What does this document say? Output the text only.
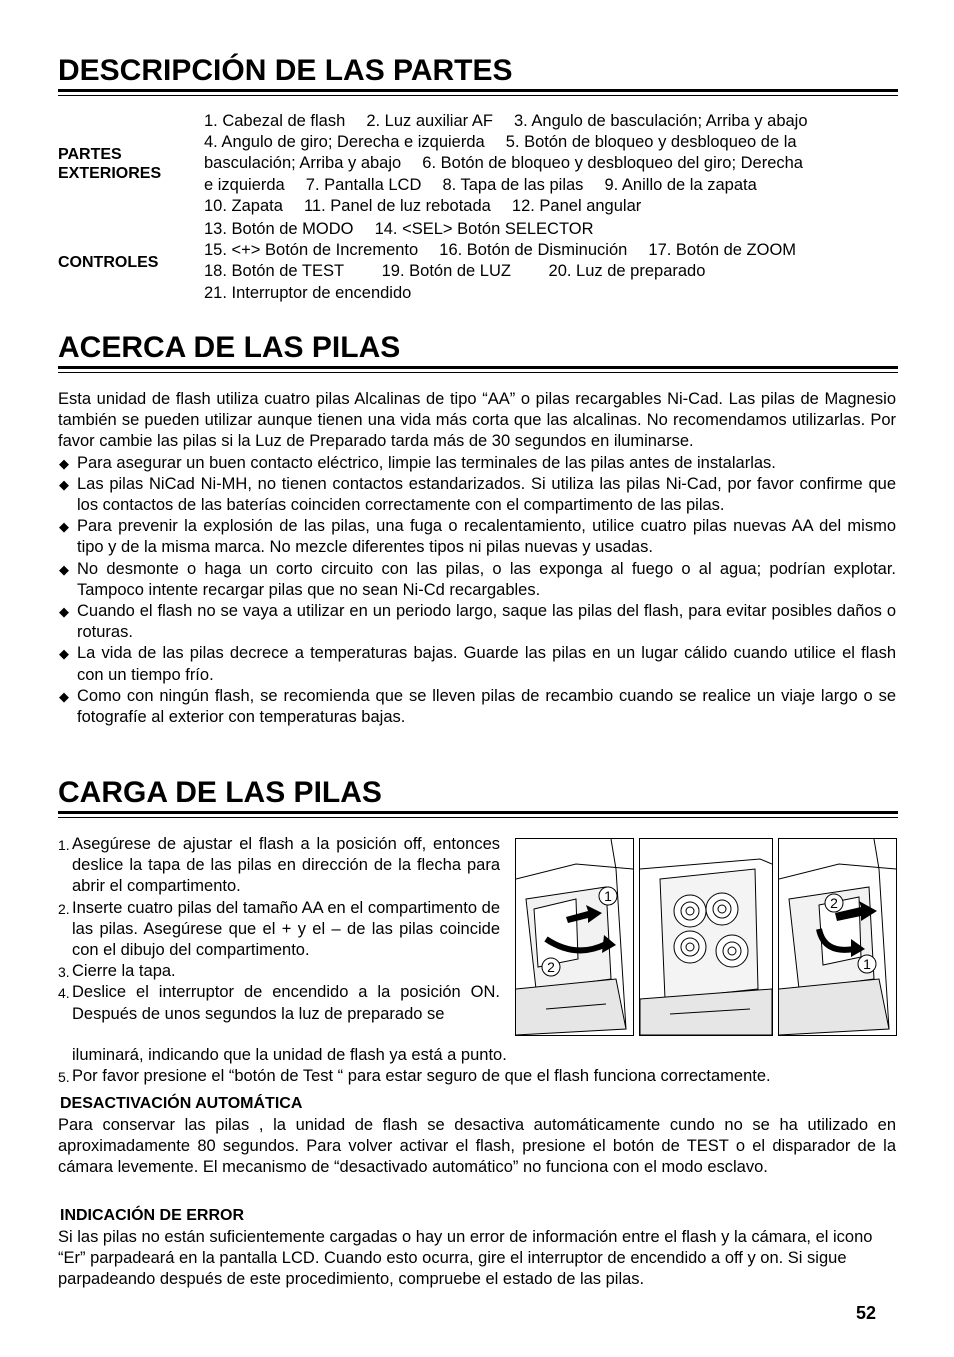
DESCRIPCIÓN DE LAS PARTES
PARTES
EXTERIORES
1. Cabezal de flash  2. Luz auxiliar AF  3. Angulo de basculación; Arriba y abajo
4. Angulo de giro; Derecha e izquierda  5. Botón de bloqueo y desbloqueo de la
basculación; Arriba y abajo  6. Botón de bloqueo y desbloqueo del giro; Derecha
e izquierda  7. Pantalla LCD  8. Tapa de las pilas  9. Anillo de la zapata
10. Zapata  11. Panel de luz rebotada  12. Panel angular
CONTROLES
13. Botón de MODO  14. <SEL> Botón SELECTOR
15. <+> Botón de Incremento  16. Botón de Disminución  17. Botón de ZOOM
18. Botón de TEST   19. Botón de LUZ   20. Luz de preparado
21. Interruptor de encendido
ACERCA DE LAS PILAS
Esta unidad de flash utiliza cuatro pilas Alcalinas de tipo “AA” o pilas recargables Ni-Cad. Las pilas de Magnesio también se pueden utilizar aunque tienen una vida más corta que las alcalinas. No recomendamos utilizarlas. Por favor cambie las pilas si la Luz de Preparado tarda más de 30 segundos en iluminarse.
◆ Para asegurar un buen contacto eléctrico, limpie las terminales de las pilas antes de instalarlas.
◆ Las pilas NiCad Ni-MH, no tienen contactos estandarizados. Si utiliza las pilas Ni-Cad, por favor confirme que los contactos de las baterías coinciden correctamente con el compartimento de las pilas.
◆ Para prevenir la explosión de las pilas, una fuga o recalentamiento, utilice cuatro pilas nuevas AA del mismo tipo y de la misma marca. No mezcle diferentes tipos ni pilas nuevas y usadas.
◆ No desmonte o haga un corto circuito con las pilas, o las exponga al fuego o al agua; podrían explotar. Tampoco intente recargar pilas que no sean Ni-Cd recargables.
◆ Cuando el flash no se vaya a utilizar en un periodo largo, saque las pilas del flash, para evitar posibles daños o roturas.
◆ La vida de las pilas decrece a temperaturas bajas. Guarde las pilas en un lugar cálido cuando utilice el flash con un tiempo frío.
◆ Como con ningún flash, se recomienda que se lleven pilas de recambio cuando se realice un viaje largo o se fotografíe al exterior con temperaturas bajas.
CARGA DE LAS PILAS
1. Asegúrese de ajustar el flash a la posición off, entonces deslice la tapa de las pilas en dirección de la flecha para abrir el compartimento.
2. Inserte cuatro pilas del tamaño AA en el compartimento de las pilas. Asegúrese que el + y el – de las pilas coincide con el dibujo del compartimento.
3. Cierre la tapa.
4. Deslice el interruptor de encendido a la posición ON. Después de unos segundos la luz de preparado se
iluminará, indicando que la unidad de flash ya está a punto.
5. Por favor presione el “botón de Test “ para estar seguro de que el flash funciona correctamente.
1
2
2
1
DESACTIVACIÓN AUTOMÁTICA
Para conservar las pilas , la unidad de flash se desactiva automáticamente cundo no se ha utilizado en aproximadamente 80 segundos. Para volver activar el flash, presione el botón de TEST o el disparador de la cámara levemente. El mecanismo de “desactivado automático” no funciona con el modo esclavo.
INDICACIÓN DE ERROR
Si las pilas no están suficientemente cargadas o hay un error de información entre el flash y la cámara, el icono “Er” parpadeará en la pantalla LCD. Cuando esto ocurra, gire el interruptor de encendido a off y on. Si sigue parpadeando después de este procedimiento, compruebe el estado de las pilas.
52
